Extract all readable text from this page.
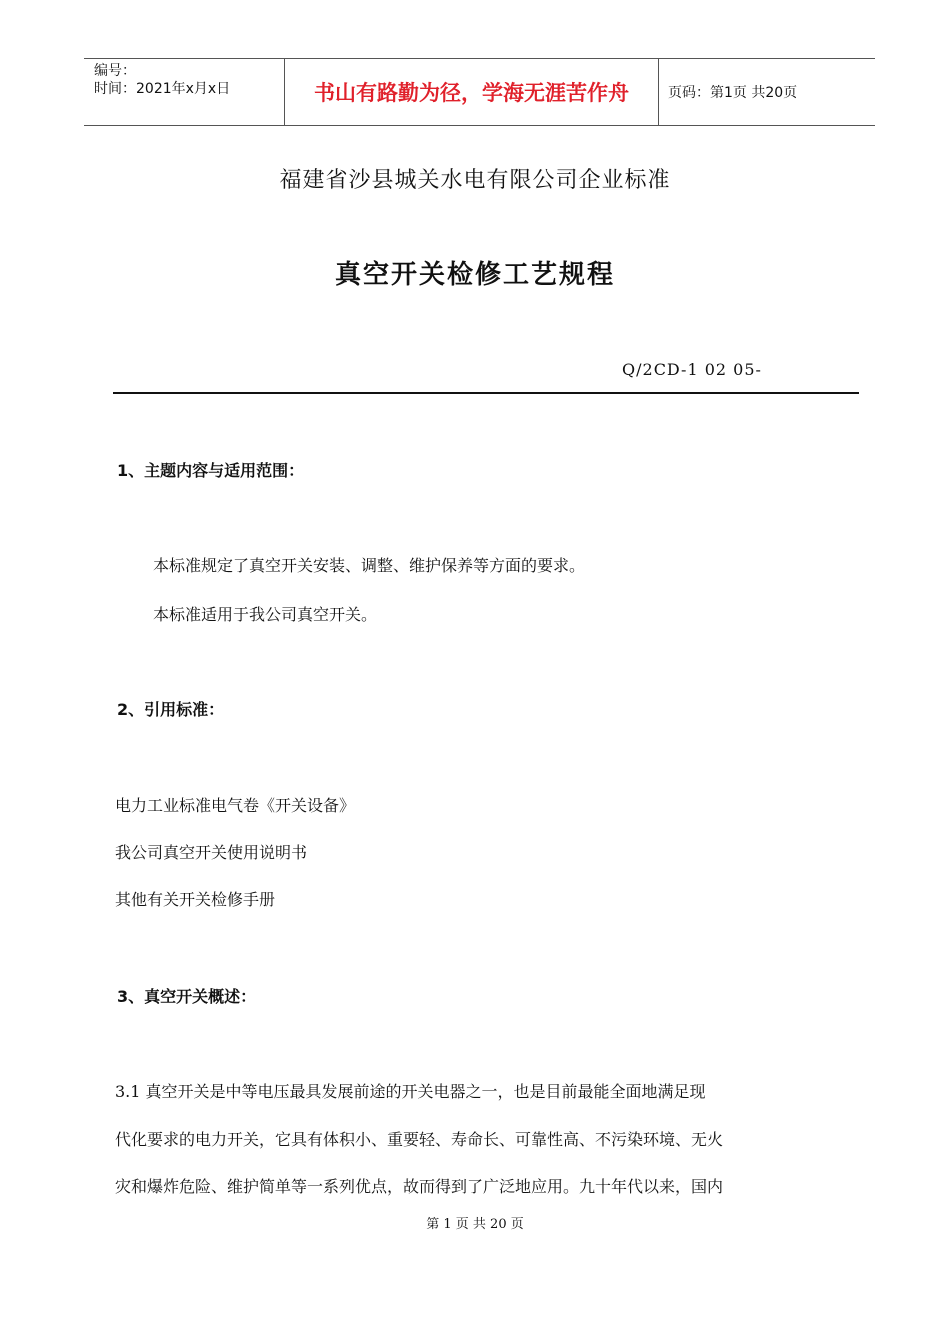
编号：
时间：2021年x月x日	书山有路勤为径，学海无涯苦作舟	页码：第1页 共20页
福建省沙县城关水电有限公司企业标准
真空开关检修工艺规程
Q/2CD-1 02 05-
1、主题内容与适用范围：
本标准规定了真空开关安装、调整、维护保养等方面的要求。
本标准适用于我公司真空开关。
2、引用标准：
电力工业标准电气卷《开关设备》
我公司真空开关使用说明书
其他有关开关检修手册
3、真空开关概述：
3.1 真空开关是中等电压最具发展前途的开关电器之一，也是目前最能全面地满足现
代化要求的电力开关，它具有体积小、重要轻、寿命长、可靠性高、不污染环境、无火
灾和爆炸危险、维护简单等一系列优点，故而得到了广泛地应用。九十年代以来，国内
第 1 页 共 20 页
